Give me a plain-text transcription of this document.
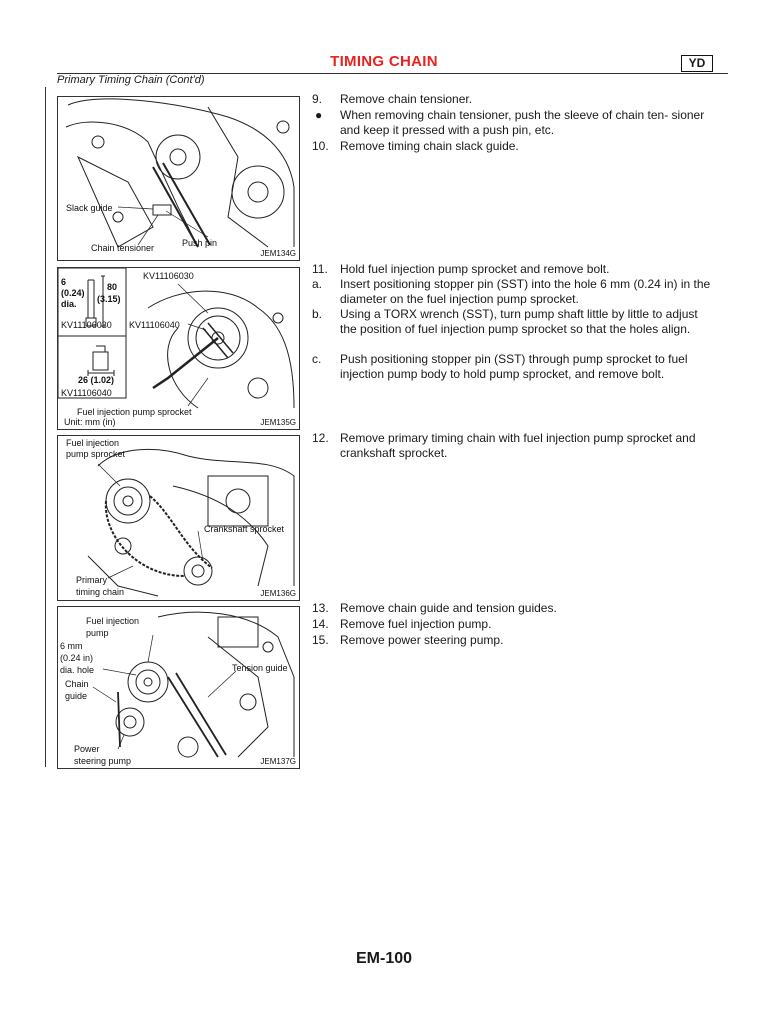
TIMING CHAIN	YD
Primary Timing Chain (Cont'd)
Slack guide
Chain tensioner	Push pin
JEM134G
6
(0.24)
dia.
80
(3.15)
KV11106030 KV11106040
26 (1.02)
KV11106040
KV11106030
Fuel injection pump sprocket
Unit: mm (in)	JEM135G
Fuel injection
pump sprocket
Crankshaft sprocket
Primary
timing chain	JEM136G
Fuel injection
pump
6 mm
(0.24 in)
dia. hole	Tension guide
Chain
guide
Power
steering pump	JEM137G
9. Remove chain tensioner.
● When removing chain tensioner, push the sleeve of chain ten- sioner and keep it pressed with a push pin, etc.
10. Remove timing chain slack guide.
11. Hold fuel injection pump sprocket and remove bolt.
a. Insert positioning stopper pin (SST) into the hole 6 mm (0.24 in) in the diameter on the fuel injection pump sprocket.
b. Using a TORX wrench (SST), turn pump shaft little by little to adjust the position of fuel injection pump sprocket so that the holes align.
c. Push positioning stopper pin (SST) through pump sprocket to fuel injection pump body to hold pump sprocket, and remove bolt.
12. Remove primary timing chain with fuel injection pump sprocket and crankshaft sprocket.
13. Remove chain guide and tension guides.
14. Remove fuel injection pump.
15. Remove power steering pump.
EM-100
